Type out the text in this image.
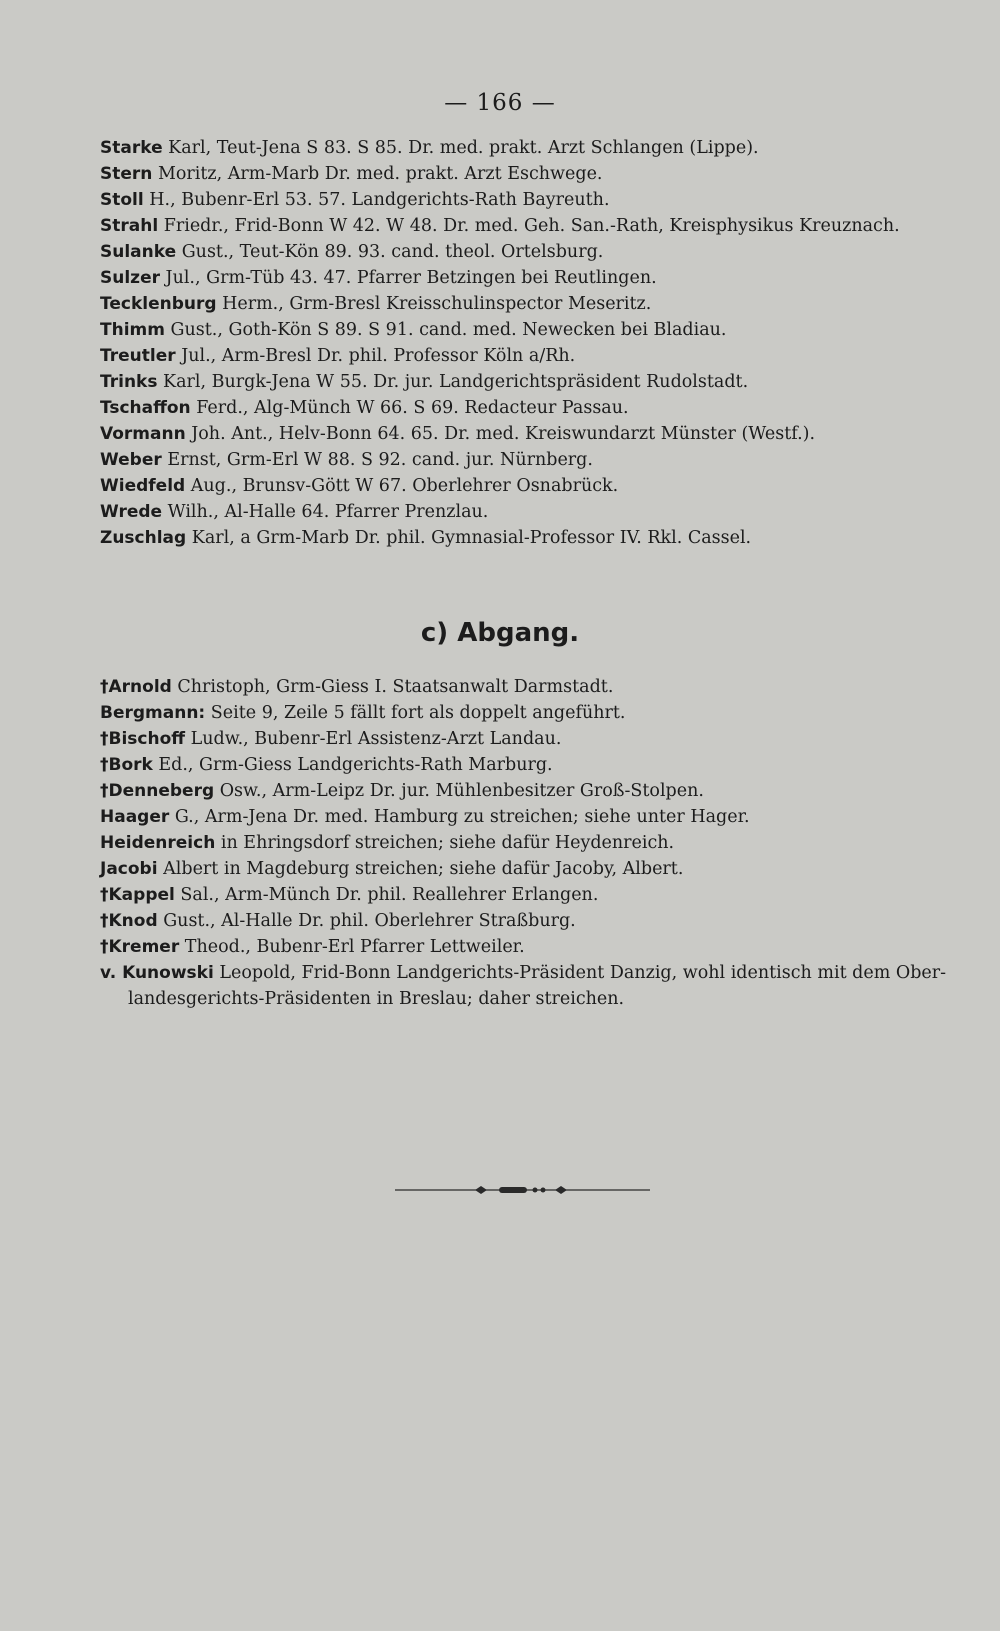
— 166 —
Starke Karl, Teut-Jena S 83. S 85. Dr. med. prakt. Arzt Schlangen (Lippe).
Stern Moritz, Arm-Marb Dr. med. prakt. Arzt Eschwege.
Stoll H., Bubenr-Erl 53. 57. Landgerichts-Rath Bayreuth.
Strahl Friedr., Frid-Bonn W 42. W 48. Dr. med. Geh. San.-Rath, Kreisphysikus Kreuznach.
Sulanke Gust., Teut-Kön 89. 93. cand. theol. Ortelsburg.
Sulzer Jul., Grm-Tüb 43. 47. Pfarrer Betzingen bei Reutlingen.
Tecklenburg Herm., Grm-Bresl Kreisschulinspector Meseritz.
Thimm Gust., Goth-Kön S 89. S 91. cand. med. Newecken bei Bladiau.
Treutler Jul., Arm-Bresl Dr. phil. Professor Köln a/Rh.
Trinks Karl, Burgk-Jena W 55. Dr. jur. Landgerichtspräsident Rudolstadt.
Tschaffon Ferd., Alg-Münch W 66. S 69. Redacteur Passau.
Vormann Joh. Ant., Helv-Bonn 64. 65. Dr. med. Kreiswundarzt Münster (Westf.).
Weber Ernst, Grm-Erl W 88. S 92. cand. jur. Nürnberg.
Wiedfeld Aug., Brunsv-Gött W 67. Oberlehrer Osnabrück.
Wrede Wilh., Al-Halle 64. Pfarrer Prenzlau.
Zuschlag Karl, a Grm-Marb Dr. phil. Gymnasial-Professor IV. Rkl. Cassel.
c) Abgang.
†Arnold Christoph, Grm-Giess I. Staatsanwalt Darmstadt.
Bergmann: Seite 9, Zeile 5 fällt fort als doppelt angeführt.
†Bischoff Ludw., Bubenr-Erl Assistenz-Arzt Landau.
†Bork Ed., Grm-Giess Landgerichts-Rath Marburg.
†Denneberg Osw., Arm-Leipz Dr. jur. Mühlenbesitzer Groß-Stolpen.
Haager G., Arm-Jena Dr. med. Hamburg zu streichen; siehe unter Hager.
Heidenreich in Ehringsdorf streichen; siehe dafür Heydenreich.
Jacobi Albert in Magdeburg streichen; siehe dafür Jacoby, Albert.
†Kappel Sal., Arm-Münch Dr. phil. Reallehrer Erlangen.
†Knod Gust., Al-Halle Dr. phil. Oberlehrer Straßburg.
†Kremer Theod., Bubenr-Erl Pfarrer Lettweiler.
v. Kunowski Leopold, Frid-Bonn Landgerichts-Präsident Danzig, wohl identisch mit dem Ober-
landesgerichts-Präsidenten in Breslau; daher streichen.
